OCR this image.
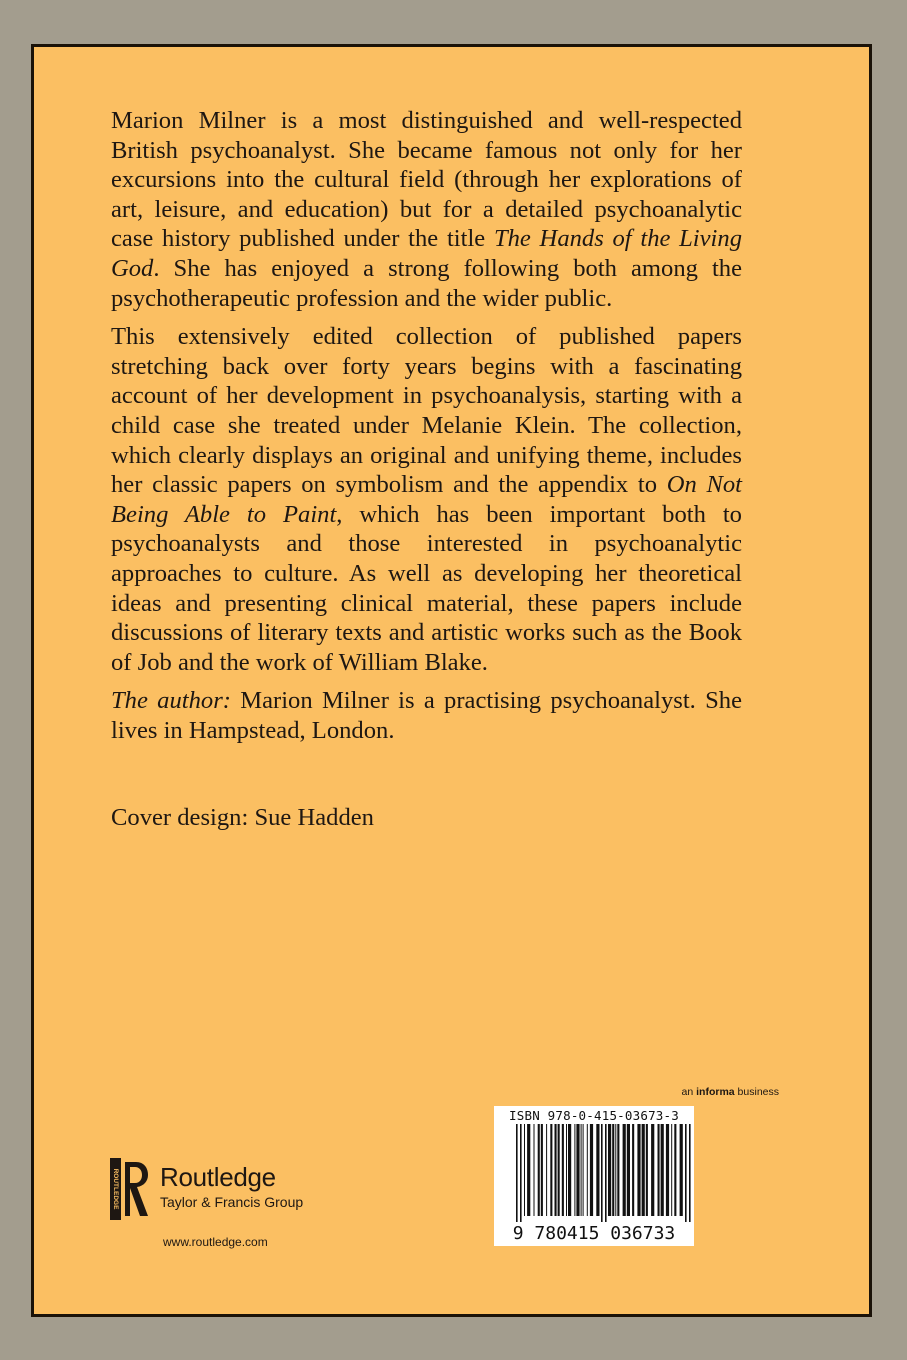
Marion Milner is a most distinguished and well-respected British psychoanalyst. She became famous not only for her excursions into the cultural field (through her explorations of art, leisure, and education) but for a detailed psychoanalytic case history published under the title The Hands of the Living God. She has enjoyed a strong following both among the psychotherapeutic profession and the wider public.

This extensively edited collection of published papers stretching back over forty years begins with a fascinating account of her development in psychoanalysis, starting with a child case she treated under Melanie Klein. The collection, which clearly displays an original and unifying theme, includes her classic papers on symbolism and the appendix to On Not Being Able to Paint, which has been important both to psychoanalysts and those interested in psychoanalytic approaches to culture. As well as developing her theoretical ideas and presenting clinical material, these papers include discussions of literary texts and artistic works such as the Book of Job and the work of William Blake.

The author: Marion Milner is a practising psychoanalyst. She lives in Hampstead, London.

Cover design: Sue Hadden
an informa business
ISBN 978-0-415-03673-3
9 780415 036733
ROUTLEDGE Routledge
Taylor & Francis Group
www.routledge.com
